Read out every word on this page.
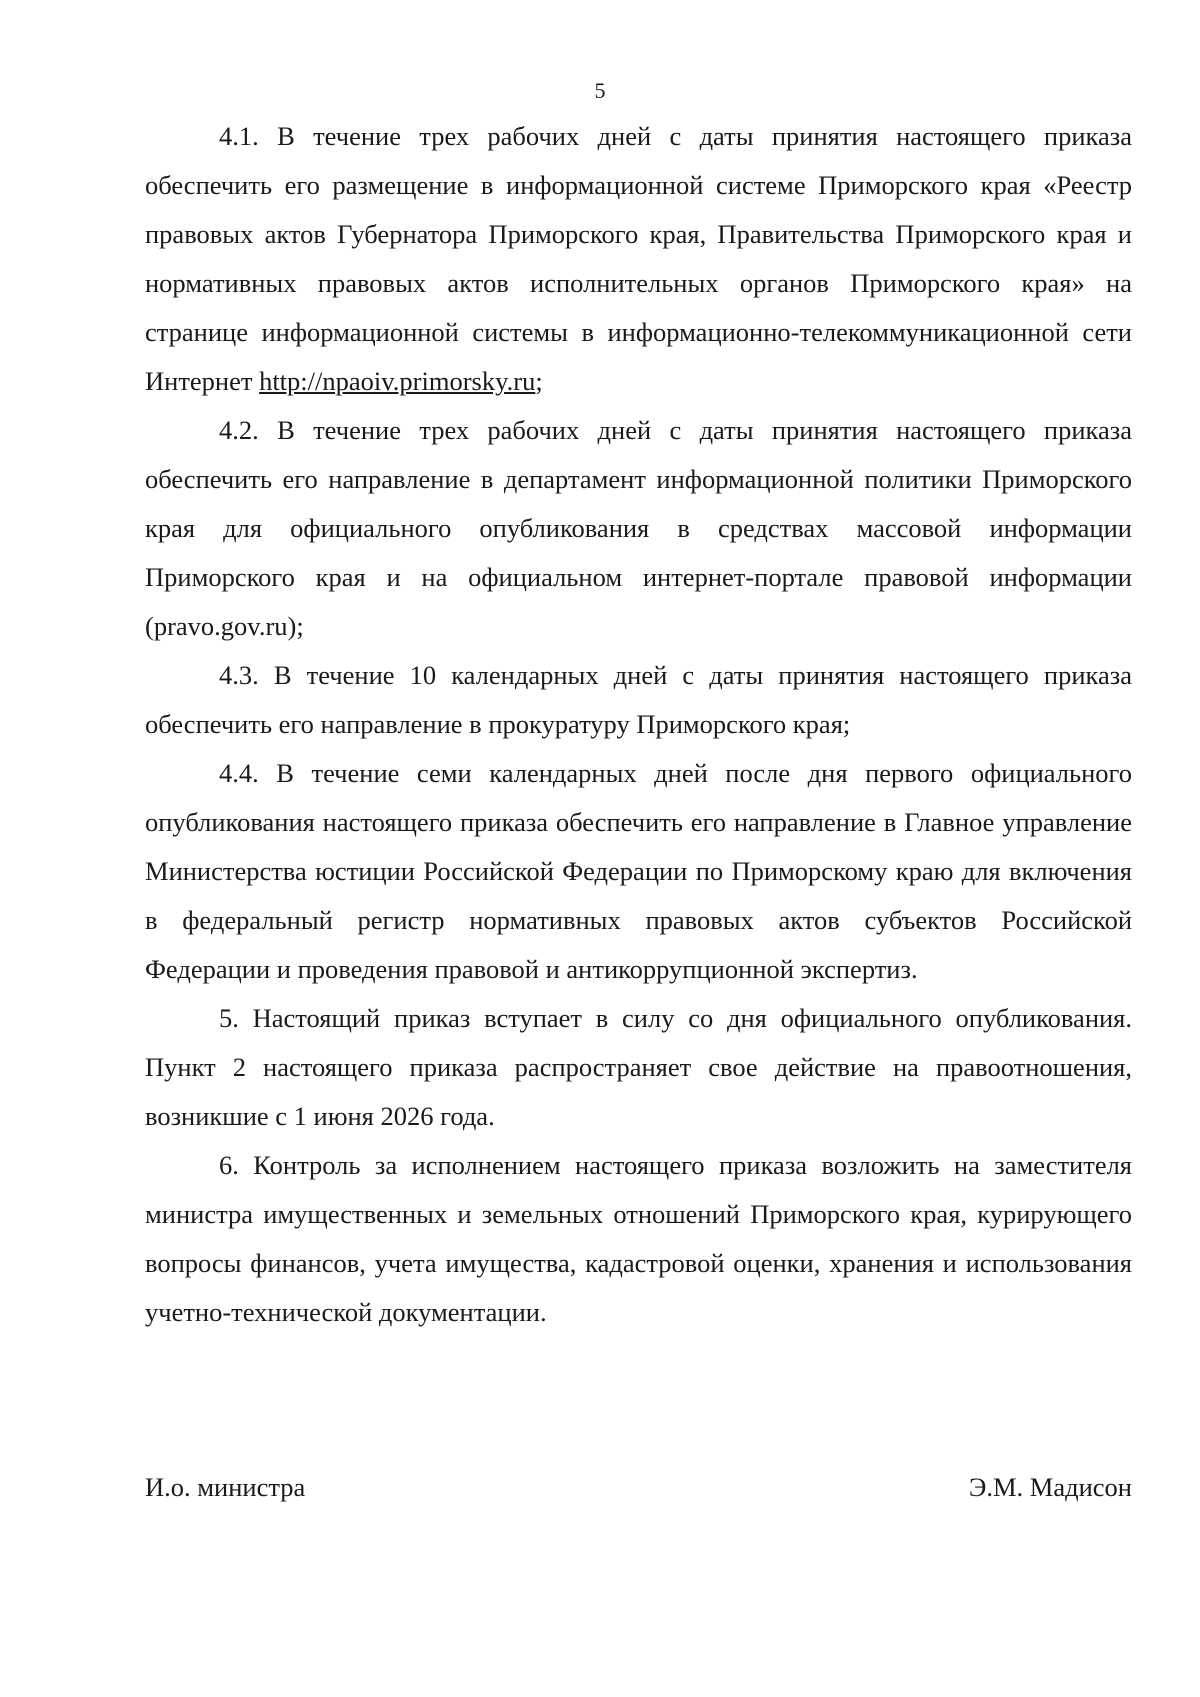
5

4.1. В течение трех рабочих дней с даты принятия настоящего приказа обеспечить его размещение в информационной системе Приморского края «Реестр правовых актов Губернатора Приморского края, Правительства Приморского края и нормативных правовых актов исполнительных органов Приморского края» на странице информационной системы в информационно-телекоммуникационной сети Интернет http://npaoiv.primorsky.ru;

4.2. В течение трех рабочих дней с даты принятия настоящего приказа обеспечить его направление в департамент информационной политики Приморского края для официального опубликования в средствах массовой информации Приморского края и на официальном интернет-портале правовой информации (pravo.gov.ru);

4.3. В течение 10 календарных дней с даты принятия настоящего приказа обеспечить его направление в прокуратуру Приморского края;

4.4. В течение семи календарных дней после дня первого официального опубликования настоящего приказа обеспечить его направление в Главное управление Министерства юстиции Российской Федерации по Приморскому краю для включения в федеральный регистр нормативных правовых актов субъектов Российской Федерации и проведения правовой и антикоррупционной экспертиз.

5. Настоящий приказ вступает в силу со дня официального опубликования. Пункт 2 настоящего приказа распространяет свое действие на правоотношения, возникшие с 1 июня 2026 года.

6. Контроль за исполнением настоящего приказа возложить на заместителя министра имущественных и земельных отношений Приморского края, курирующего вопросы финансов, учета имущества, кадастровой оценки, хранения и использования учетно-технической документации.

И.о. министра	Э.М. Мадисон
